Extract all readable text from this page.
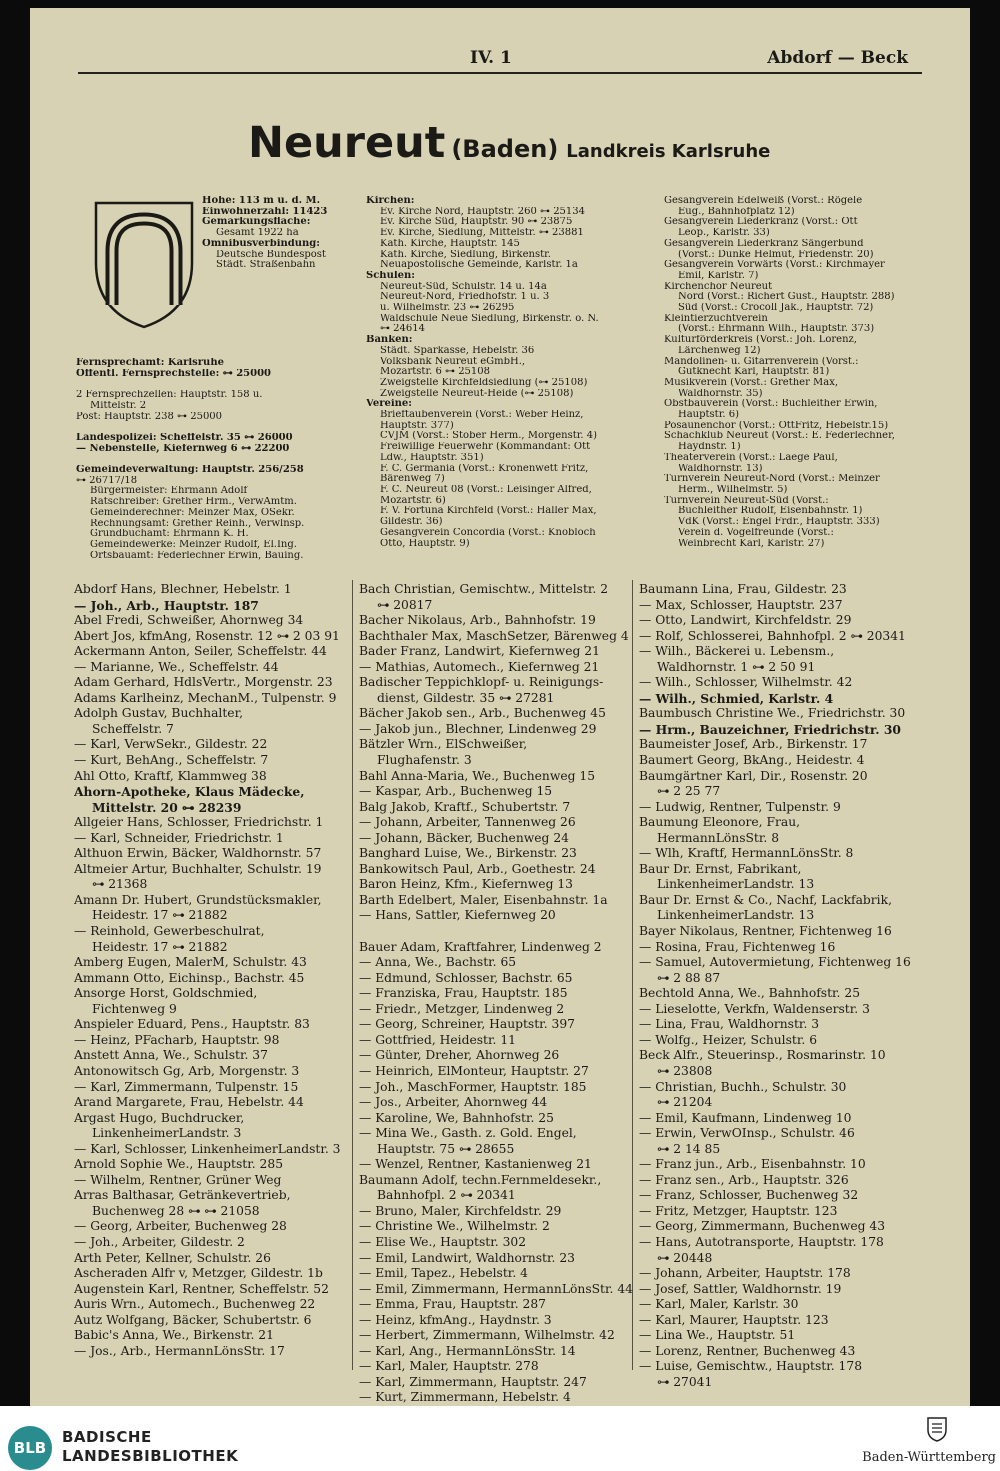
IV. 1	Abdorf — Beck
Neureut (Baden) Landkreis Karlsruhe
Höhe: 113 m ü. d. M.
Einwohnerzahl: 11423
Gemarkungsfläche:
Gesamt 1922 ha
Omnibusverbindung:
Deutsche Bundespost
Städt. Straßenbahn
Fernsprechamt: Karlsruhe
Öffentl. Fernsprechstelle: ⊶ 25000

2 Fernsprechzellen: Hauptstr. 158 u.
Mittelstr. 2
Post: Hauptstr. 238 ⊶ 25000

Landespolizei: Scheffelstr. 35 ⊶ 26000
— Nebenstelle, Kiefernweg 6 ⊶ 22200

Gemeindeverwaltung: Hauptstr. 256/258
⊶ 26717/18
Bürgermeister: Ehrmann Adolf
Ratschreiber: Grether Hrm., VerwAmtm.
Gemeinderechner: Meinzer Max, OSekr.
Rechnungsamt: Grether Reinh., Verwlnsp.
Grundbuchamt: Ehrmann K. H.
Gemeindewerke: Meinzer Rudolf, El.Ing.
Ortsbauamt: Federlechner Erwin, Bauing.
Kirchen:
Ev. Kirche Nord, Hauptstr. 260 ⊶ 25134
Ev. Kirche Süd, Hauptstr. 90 ⊶ 23875
Ev. Kirche, Siedlung, Mittelstr. ⊶ 23881
Kath. Kirche, Hauptstr. 145
Kath. Kirche, Siedlung, Birkenstr.
Neuapostolische Gemeinde, Karlstr. 1a
Schulen:
Neureut-Süd, Schulstr. 14 u. 14a
Neureut-Nord, Friedhofstr. 1 u. 3
u. Wilhelmstr. 23 ⊶ 26295
Waldschule Neue Siedlung, Birkenstr. o. N.
⊶ 24614
Banken:
Städt. Sparkasse, Hebelstr. 36
Volksbank Neureut eGmbH.,
Mozartstr. 6 ⊶ 25108
Zweigstelle Kirchfeldsiedlung (⊶ 25108)
Zweigstelle Neureut-Heide (⊶ 25108)
Vereine:
Brieftaubenverein (Vorst.: Weber Heinz,
Hauptstr. 377)
CVJM (Vorst.: Stober Herm., Morgenstr. 4)
Freiwillige Feuerwehr (Kommandant: Ott
Ldw., Hauptstr. 351)
F. C. Germania (Vorst.: Kronenwett Fritz,
Bärenweg 7)
F. C. Neureut 08 (Vorst.: Leisinger Alfred,
Mozartstr. 6)
F. V. Fortuna Kirchfeld (Vorst.: Haller Max,
Gildestr. 36)
Gesangverein Concordia (Vorst.: Knobloch
Otto, Hauptstr. 9)
Gesangverein Edelweiß (Vorst.: Rögele
Eug., Bahnhofplatz 12)
Gesangverein Liederkranz (Vorst.: Ott
Leop., Karlstr. 33)
Gesangverein Liederkranz Sängerbund
(Vorst.: Dunke Helmut, Friedenstr. 20)
Gesangverein Vorwärts (Vorst.: Kirchmayer
Emil, Karlstr. 7)
Kirchenchor Neureut
Nord (Vorst.: Richert Gust., Hauptstr. 288)
Süd (Vorst.: Crocoll Jak., Hauptstr. 72)
Kleintierzuchtverein
(Vorst.: Ehrmann Wilh., Hauptstr. 373)
Kulturförderkreis (Vorst.: Joh. Lorenz,
Lärchenweg 12)
Mandolinen- u. Gitarrenverein (Vorst.:
Gutknecht Karl, Hauptstr. 81)
Musikverein (Vorst.: Grether Max,
Waldhornstr. 35)
Obstbauverein (Vorst.: Buchleither Erwin,
Hauptstr. 6)
Posaunenchor (Vorst.: OttFritz, Hebelstr.15)
Schachklub Neureut (Vorst.: E. Federlechner,
Haydnstr. 1)
Theaterverein (Vorst.: Laege Paul,
Waldhornstr. 13)
Turnverein Neureut-Nord (Vorst.: Meinzer
Herm., Wilhelmstr. 5)
Turnverein Neureut-Süd (Vorst.:
Buchleither Rudolf, Eisenbahnstr. 1)
VdK (Vorst.: Engel Frdr., Hauptstr. 333)
Verein d. Vogelfreunde (Vorst.:
Weinbrecht Karl, Karlstr. 27)
Abdorf Hans, Blechner, Hebelstr. 1
— Joh., Arb., Hauptstr. 187
Abel Fredi, Schweißer, Ahornweg 34
Abert Jos, kfmAng, Rosenstr. 12 ⊶ 2 03 91
Ackermann Anton, Seiler, Scheffelstr. 44
— Marianne, We., Scheffelstr. 44
Adam Gerhard, HdlsVertr., Morgenstr. 23
Adams Karlheinz, MechanM., Tulpenstr. 9
Adolph Gustav, Buchhalter,
Scheffelstr. 7
— Karl, VerwSekr., Gildestr. 22
— Kurt, BehAng., Scheffelstr. 7
Ahl Otto, Kraftf, Klammweg 38
Ahorn-Apotheke, Klaus Mädecke,
Mittelstr. 20 ⊶ 28239
Allgeier Hans, Schlosser, Friedrichstr. 1
— Karl, Schneider, Friedrichstr. 1
Althuon Erwin, Bäcker, Waldhornstr. 57
Altmeier Artur, Buchhalter, Schulstr. 19
⊶ 21368
Amann Dr. Hubert, Grundstücksmakler,
Heidestr. 17 ⊶ 21882
— Reinhold, Gewerbeschulrat,
Heidestr. 17 ⊶ 21882
Amberg Eugen, MalerM, Schulstr. 43
Ammann Otto, Eichinsp., Bachstr. 45
Ansorge Horst, Goldschmied,
Fichtenweg 9
Anspieler Eduard, Pens., Hauptstr. 83
— Heinz, PFacharb, Hauptstr. 98
Anstett Anna, We., Schulstr. 37
Antonowitsch Gg, Arb, Morgenstr. 3
— Karl, Zimmermann, Tulpenstr. 15
Arand Margarete, Frau, Hebelstr. 44
Argast Hugo, Buchdrucker,
LinkenheimerLandstr. 3
— Karl, Schlosser, LinkenheimerLandstr. 3
Arnold Sophie We., Hauptstr. 285
— Wilhelm, Rentner, Grüner Weg
Arras Balthasar, Getränkevertrieb,
Buchenweg 28 ⊶ ⊶ 21058
— Georg, Arbeiter, Buchenweg 28
— Joh., Arbeiter, Gildestr. 2
Arth Peter, Kellner, Schulstr. 26
Ascheraden Alfr v, Metzger, Gildestr. 1b
Augenstein Karl, Rentner, Scheffelstr. 52
Auris Wrn., Automech., Buchenweg 22
Autz Wolfgang, Bäcker, Schubertstr. 6
Babic's Anna, We., Birkenstr. 21
— Jos., Arb., HermannLönsStr. 17
Bach Christian, Gemischtw., Mittelstr. 2
⊶ 20817
Bacher Nikolaus, Arb., Bahnhofstr. 19
Bachthaler Max, MaschSetzer, Bärenweg 4
Bader Franz, Landwirt, Kiefernweg 21
— Mathias, Automech., Kiefernweg 21
Badischer Teppichklopf- u. Reinigungs-
dienst, Gildestr. 35 ⊶ 27281
Bächer Jakob sen., Arb., Buchenweg 45
— Jakob jun., Blechner, Lindenweg 29
Bätzler Wrn., ElSchweißer,
Flughafenstr. 3
Bahl Anna-Maria, We., Buchenweg 15
— Kaspar, Arb., Buchenweg 15
Balg Jakob, Kraftf., Schubertstr. 7
— Johann, Arbeiter, Tannenweg 26
— Johann, Bäcker, Buchenweg 24
Banghard Luise, We., Birkenstr. 23
Bankowitsch Paul, Arb., Goethestr. 24
Baron Heinz, Kfm., Kiefernweg 13
Barth Edelbert, Maler, Eisenbahnstr. 1a
— Hans, Sattler, Kiefernweg 20

Bauer Adam, Kraftfahrer, Lindenweg 2
— Anna, We., Bachstr. 65
— Edmund, Schlosser, Bachstr. 65
— Franziska, Frau, Hauptstr. 185
— Friedr., Metzger, Lindenweg 2
— Georg, Schreiner, Hauptstr. 397
— Gottfried, Heidestr. 11
— Günter, Dreher, Ahornweg 26
— Heinrich, ElMonteur, Hauptstr. 27
— Joh., MaschFormer, Hauptstr. 185
— Jos., Arbeiter, Ahornweg 44
— Karoline, We, Bahnhofstr. 25
— Mina We., Gasth. z. Gold. Engel,
Hauptstr. 75 ⊶ 28655
— Wenzel, Rentner, Kastanienweg 21
Baumann Adolf, techn.Fernmeldesekr.,
Bahnhofpl. 2 ⊶ 20341
— Bruno, Maler, Kirchfeldstr. 29
— Christine We., Wilhelmstr. 2
— Elise We., Hauptstr. 302
— Emil, Landwirt, Waldhornstr. 23
— Emil, Tapez., Hebelstr. 4
— Emil, Zimmermann, HermannLönsStr. 44
— Emma, Frau, Hauptstr. 287
— Heinz, kfmAng., Haydnstr. 3
— Herbert, Zimmermann, Wilhelmstr. 42
— Karl, Ang., HermannLönsStr. 14
— Karl, Maler, Hauptstr. 278
— Karl, Zimmermann, Hauptstr. 247
— Kurt, Zimmermann, Hebelstr. 4
Baumann Lina, Frau, Gildestr. 23
— Max, Schlosser, Hauptstr. 237
— Otto, Landwirt, Kirchfeldstr. 29
— Rolf, Schlosserei, Bahnhofpl. 2 ⊶ 20341
— Wilh., Bäckerei u. Lebensm.,
Waldhornstr. 1 ⊶ 2 50 91
— Wilh., Schlosser, Wilhelmstr. 42
— Wilh., Schmied, Karlstr. 4
Baumbusch Christine We., Friedrichstr. 30
— Hrm., Bauzeichner, Friedrichstr. 30
Baumeister Josef, Arb., Birkenstr. 17
Baumert Georg, BkAng., Heidestr. 4
Baumgärtner Karl, Dir., Rosenstr. 20
⊶ 2 25 77
— Ludwig, Rentner, Tulpenstr. 9
Baumung Eleonore, Frau,
HermannLönsStr. 8
— Wlh, Kraftf, HermannLönsStr. 8
Baur Dr. Ernst, Fabrikant,
LinkenheimerLandstr. 13
Baur Dr. Ernst & Co., Nachf, Lackfabrik,
LinkenheimerLandstr. 13
Bayer Nikolaus, Rentner, Fichtenweg 16
— Rosina, Frau, Fichtenweg 16
— Samuel, Autovermietung, Fichtenweg 16
⊶ 2 88 87
Bechtold Anna, We., Bahnhofstr. 25
— Lieselotte, Verkfn, Waldenserstr. 3
— Lina, Frau, Waldhornstr. 3
— Wolfg., Heizer, Schulstr. 6
Beck Alfr., Steuerinsp., Rosmarinstr. 10
⊶ 23808
— Christian, Buchh., Schulstr. 30
⊶ 21204
— Emil, Kaufmann, Lindenweg 10
— Erwin, VerwOInsp., Schulstr. 46
⊶ 2 14 85
— Franz jun., Arb., Eisenbahnstr. 10
— Franz sen., Arb., Hauptstr. 326
— Franz, Schlosser, Buchenweg 32
— Fritz, Metzger, Hauptstr. 123
— Georg, Zimmermann, Buchenweg 43
— Hans, Autotransporte, Hauptstr. 178
⊶ 20448
— Johann, Arbeiter, Hauptstr. 178
— Josef, Sattler, Waldhornstr. 19
— Karl, Maler, Karlstr. 30
— Karl, Maurer, Hauptstr. 123
— Lina We., Hauptstr. 51
— Lorenz, Rentner, Buchenweg 43
— Luise, Gemischtw., Hauptstr. 178
⊶ 27041
BLB
BADISCHE
LANDESBIBLIOTHEK	Baden-Württemberg
